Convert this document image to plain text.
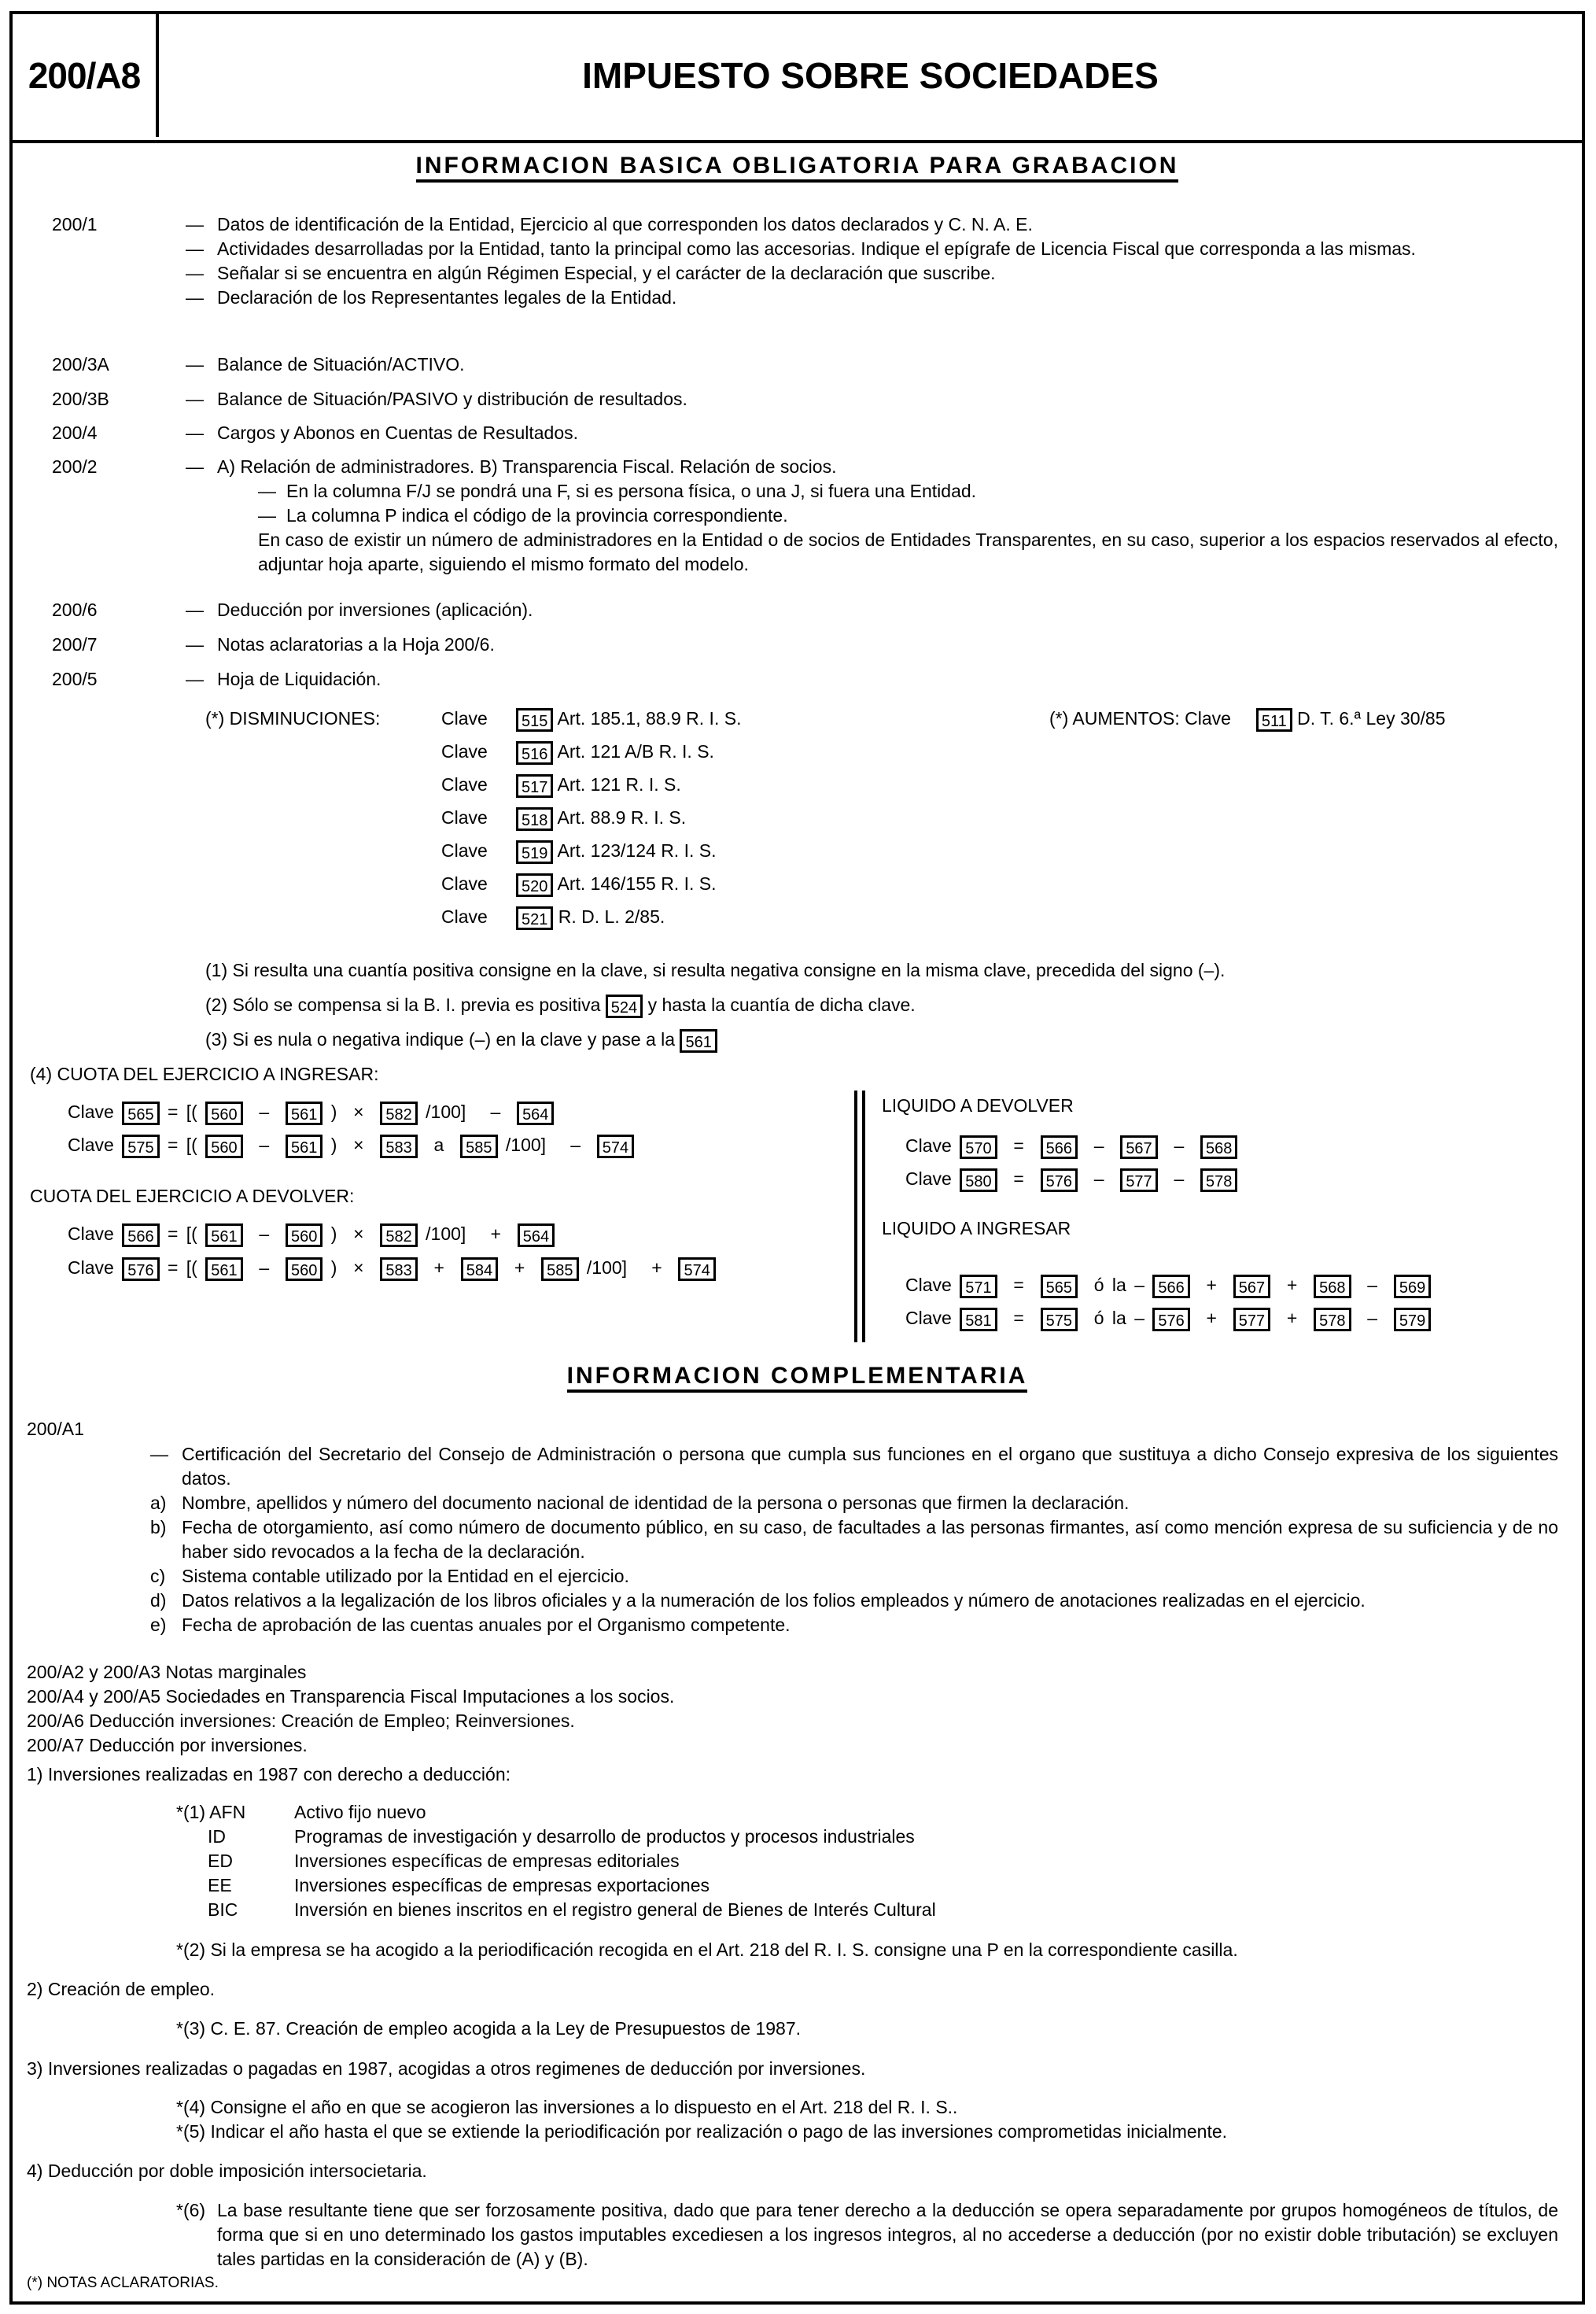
200/A8	IMPUESTO SOBRE SOCIEDADES
INFORMACION BASICA OBLIGATORIA PARA GRABACION
200/1	— Datos de identificación de la Entidad, Ejercicio al que corresponden los datos declarados y C. N. A. E.
— Actividades desarrolladas por la Entidad, tanto la principal como las accesorias. Indique el epígrafe de Licencia Fiscal que corresponda a las mismas.
— Señalar si se encuentra en algún Régimen Especial, y el carácter de la declaración que suscribe.
— Declaración de los Representantes legales de la Entidad.
200/3A	— Balance de Situación/ACTIVO.
200/3B	— Balance de Situación/PASIVO y distribución de resultados.
200/4	— Cargos y Abonos en Cuentas de Resultados.
200/2	— A) Relación de administradores. B) Transparencia Fiscal. Relación de socios.
— En la columna F/J se pondrá una F, si es persona física, o una J, si fuera una Entidad.
— La columna P indica el código de la provincia correspondiente.
En caso de existir un número de administradores en la Entidad o de socios de Entidades Transparentes, en su caso, superior a los espacios reservados al efecto, adjuntar hoja aparte, siguiendo el mismo formato del modelo.
200/6	— Deducción por inversiones (aplicación).
200/7	— Notas aclaratorias a la Hoja 200/6.
200/5	— Hoja de Liquidación.
(*) DISMINUCIONES:	Clave 515 Art. 185.1, 88.9 R. I. S.
Clave 516 Art. 121 A/B R. I. S.
Clave 517 Art. 121 R. I. S.
Clave 518 Art. 88.9 R. I. S.
Clave 519 Art. 123/124 R. I. S.
Clave 520 Art. 146/155 R. I. S.
Clave 521 R. D. L. 2/85.
(*) AUMENTOS: Clave 511 D. T. 6.ª Ley 30/85
(1) Si resulta una cuantía positiva consigne en la clave, si resulta negativa consigne en la misma clave, precedida del signo (–).
(2) Sólo se compensa si la B. I. previa es positiva 524 y hasta la cuantía de dicha clave.
(3) Si es nula o negativa indique (–) en la clave y pase a la 561
(4) CUOTA DEL EJERCICIO A INGRESAR:
CUOTA DEL EJERCICIO A DEVOLVER:
LIQUIDO A DEVOLVER
LIQUIDO A INGRESAR
Clave 565 = [( 560  –  561 )  ×  582 /100]   –  564
Clave 575 = [( 560  –  561 )  ×  583  a  585 /100]   –  574
Clave 566 = [( 561  –  560 )  ×  582 /100]   +  564
Clave 576 = [( 561  –  560 )  ×  583  +  584  +  585 /100]   +  574
Clave 570  =  566  –  567  –  568
Clave 580  =  576  –  577  –  578
Clave 571  =  565  ó la – 566  +  567  +  568  –  569
Clave 581  =  575  ó la – 576  +  577  +  578  –  579
INFORMACION COMPLEMENTARIA
200/A1
— Certificación del Secretario del Consejo de Administración o persona que cumpla sus funciones en el organo que sustituya a dicho Consejo expresiva de los siguientes datos.
a) Nombre, apellidos y número del documento nacional de identidad de la persona o personas que firmen la declaración.
b) Fecha de otorgamiento, así como número de documento público, en su caso, de facultades a las personas firmantes, así como mención expresa de su suficiencia y de no haber sido revocados a la fecha de la declaración.
c) Sistema contable utilizado por la Entidad en el ejercicio.
d) Datos relativos a la legalización de los libros oficiales y a la numeración de los folios empleados y número de anotaciones realizadas en el ejercicio.
e) Fecha de aprobación de las cuentas anuales por el Organismo competente.
200/A2 y 200/A3 Notas marginales
200/A4 y 200/A5 Sociedades en Transparencia Fiscal Imputaciones a los socios.
200/A6 Deducción inversiones: Creación de Empleo; Reinversiones.
200/A7 Deducción por inversiones.
1) Inversiones realizadas en 1987 con derecho a deducción:
*(1) AFN	Activo fijo nuevo
ID	Programas de investigación y desarrollo de productos y procesos industriales
ED	Inversiones específicas de empresas editoriales
EE	Inversiones específicas de empresas exportaciones
BIC	Inversión en bienes inscritos en el registro general de Bienes de Interés Cultural
*(2) Si la empresa se ha acogido a la periodificación recogida en el Art. 218 del R. I. S. consigne una P en la correspondiente casilla.
2) Creación de empleo.
*(3) C. E. 87. Creación de empleo acogida a la Ley de Presupuestos de 1987.
3) Inversiones realizadas o pagadas en 1987, acogidas a otros regimenes de deducción por inversiones.
*(4) Consigne el año en que se acogieron las inversiones a lo dispuesto en el Art. 218 del R. I. S..
*(5) Indicar el año hasta el que se extiende la periodificación por realización o pago de las inversiones comprometidas inicialmente.
4) Deducción por doble imposición intersocietaria.
*(6) La base resultante tiene que ser forzosamente positiva, dado que para tener derecho a la deducción se opera separadamente por grupos homogéneos de títulos, de forma que si en uno determinado los gastos imputables excediesen a los ingresos integros, al no accederse a deducción (por no existir doble tributación) se excluyen tales partidas en la consideración de (A) y (B).
(*) NOTAS ACLARATORIAS.
